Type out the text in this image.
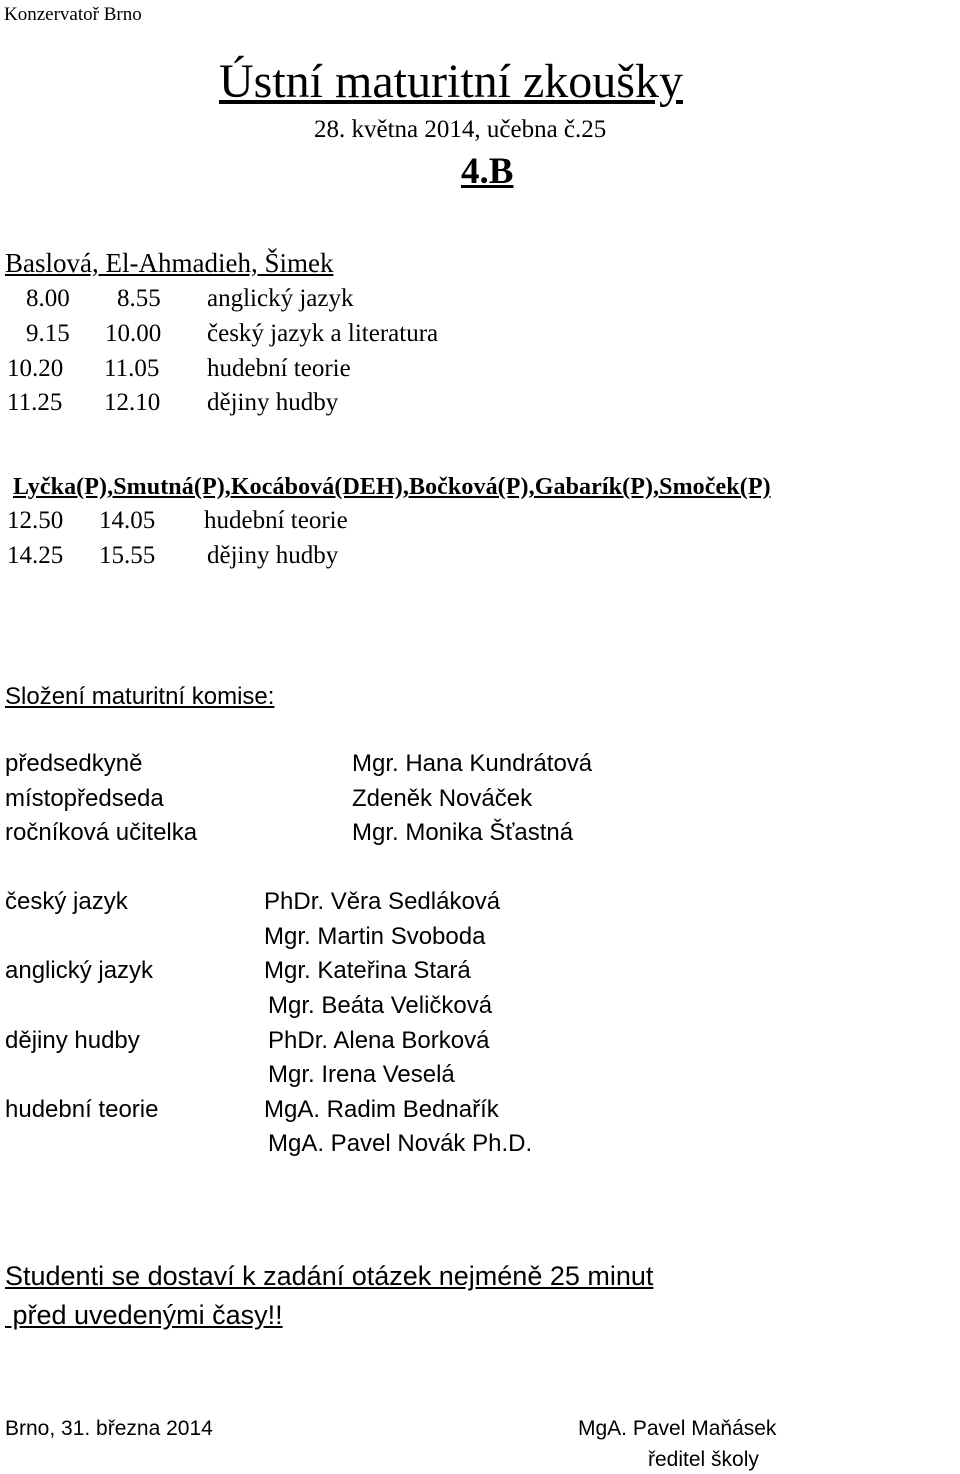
Konzervatoř Brno
Ústní maturitní zkoušky
28. května 2014, učebna č.25
4.B
Baslová, El-Ahmadieh, Šimek
8.00 8.55 anglický jazyk
9.15 10.00 český jazyk a literatura
10.20 11.05 hudební teorie
11.25 12.10 dějiny hudby
Lyčka(P),Smutná(P),Kocábová(DEH),Bočková(P),Gabarík(P),Smoček(P)
12.50 14.05 hudební teorie
14.25 15.55 dějiny hudby
Složení maturitní komise:
předsedkyně	Mgr. Hana Kundrátová
místopředseda	Zdeněk Nováček
ročníková učitelka	Mgr. Monika Šťastná
český jazyk	PhDr. Věra Sedláková
Mgr. Martin Svoboda
anglický jazyk	Mgr. Kateřina Stará
Mgr. Beáta Veličková
dějiny hudby	PhDr. Alena Borková
Mgr. Irena Veselá
hudební teorie	MgA. Radim Bednařík
MgA. Pavel Novák Ph.D.
Studenti se dostaví k zadání otázek nejméně 25 minut
před uvedenými časy!!
Brno, 31. března 2014	MgA. Pavel Maňásek
ředitel školy
